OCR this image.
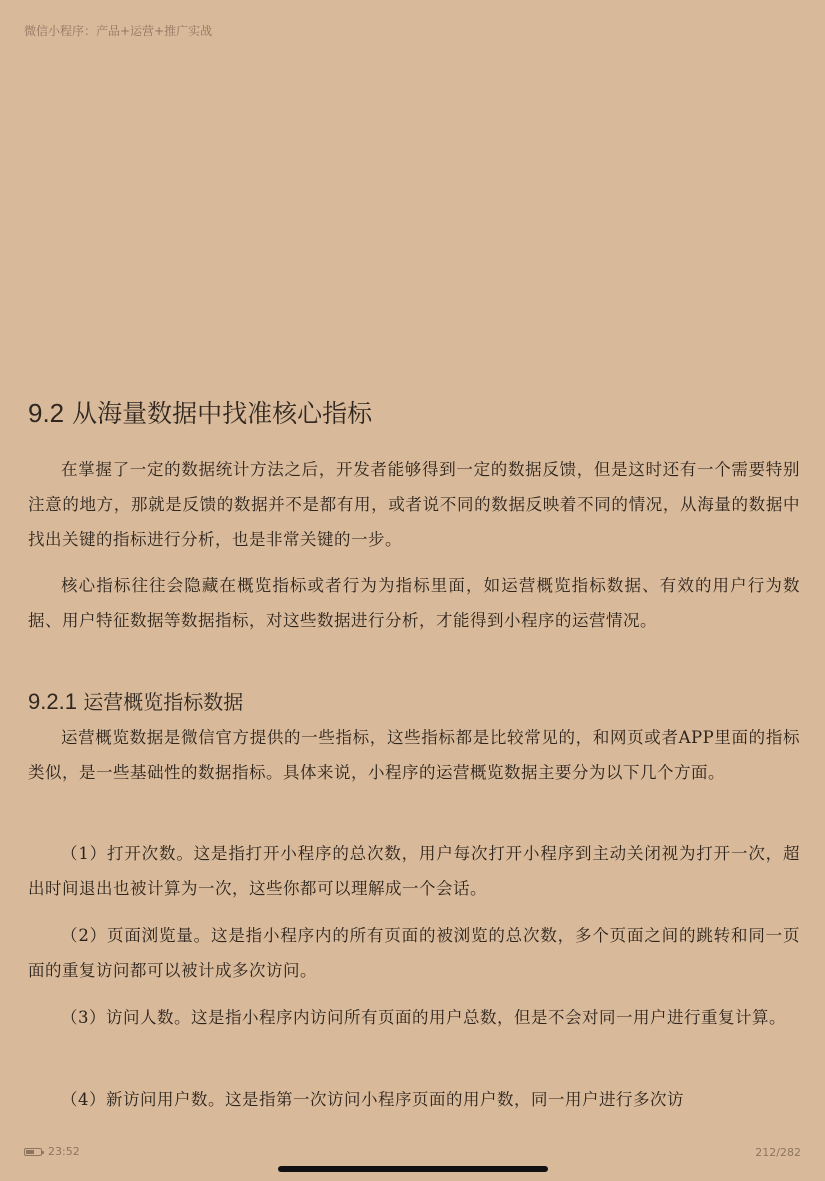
微信小程序：产品+运营+推广实战
9.2 从海量数据中找准核心指标
在掌握了一定的数据统计方法之后，开发者能够得到一定的数据反馈，但是这时还有一个需要特别注意的地方，那就是反馈的数据并不是都有用，或者说不同的数据反映着不同的情况，从海量的数据中找出关键的指标进行分析，也是非常关键的一步。
核心指标往往会隐藏在概览指标或者行为为指标里面，如运营概览指标数据、有效的用户行为数据、用户特征数据等数据指标，对这些数据进行分析，才能得到小程序的运营情况。
9.2.1 运营概览指标数据
运营概览数据是微信官方提供的一些指标，这些指标都是比较常见的，和网页或者APP里面的指标类似，是一些基础性的数据指标。具体来说，小程序的运营概览数据主要分为以下几个方面。
（1）打开次数。这是指打开小程序的总次数，用户每次打开小程序到主动关闭视为打开一次，超出时间退出也被计算为一次，这些你都可以理解成一个会话。
（2）页面浏览量。这是指小程序内的所有页面的被浏览的总次数，多个页面之间的跳转和同一页面的重复访问都可以被计成多次访问。
（3）访问人数。这是指小程序内访问所有页面的用户总数，但是不会对同一用户进行重复计算。
（4）新访问用户数。这是指第一次访问小程序页面的用户数，同一用户进行多次访
23:52	212/282
